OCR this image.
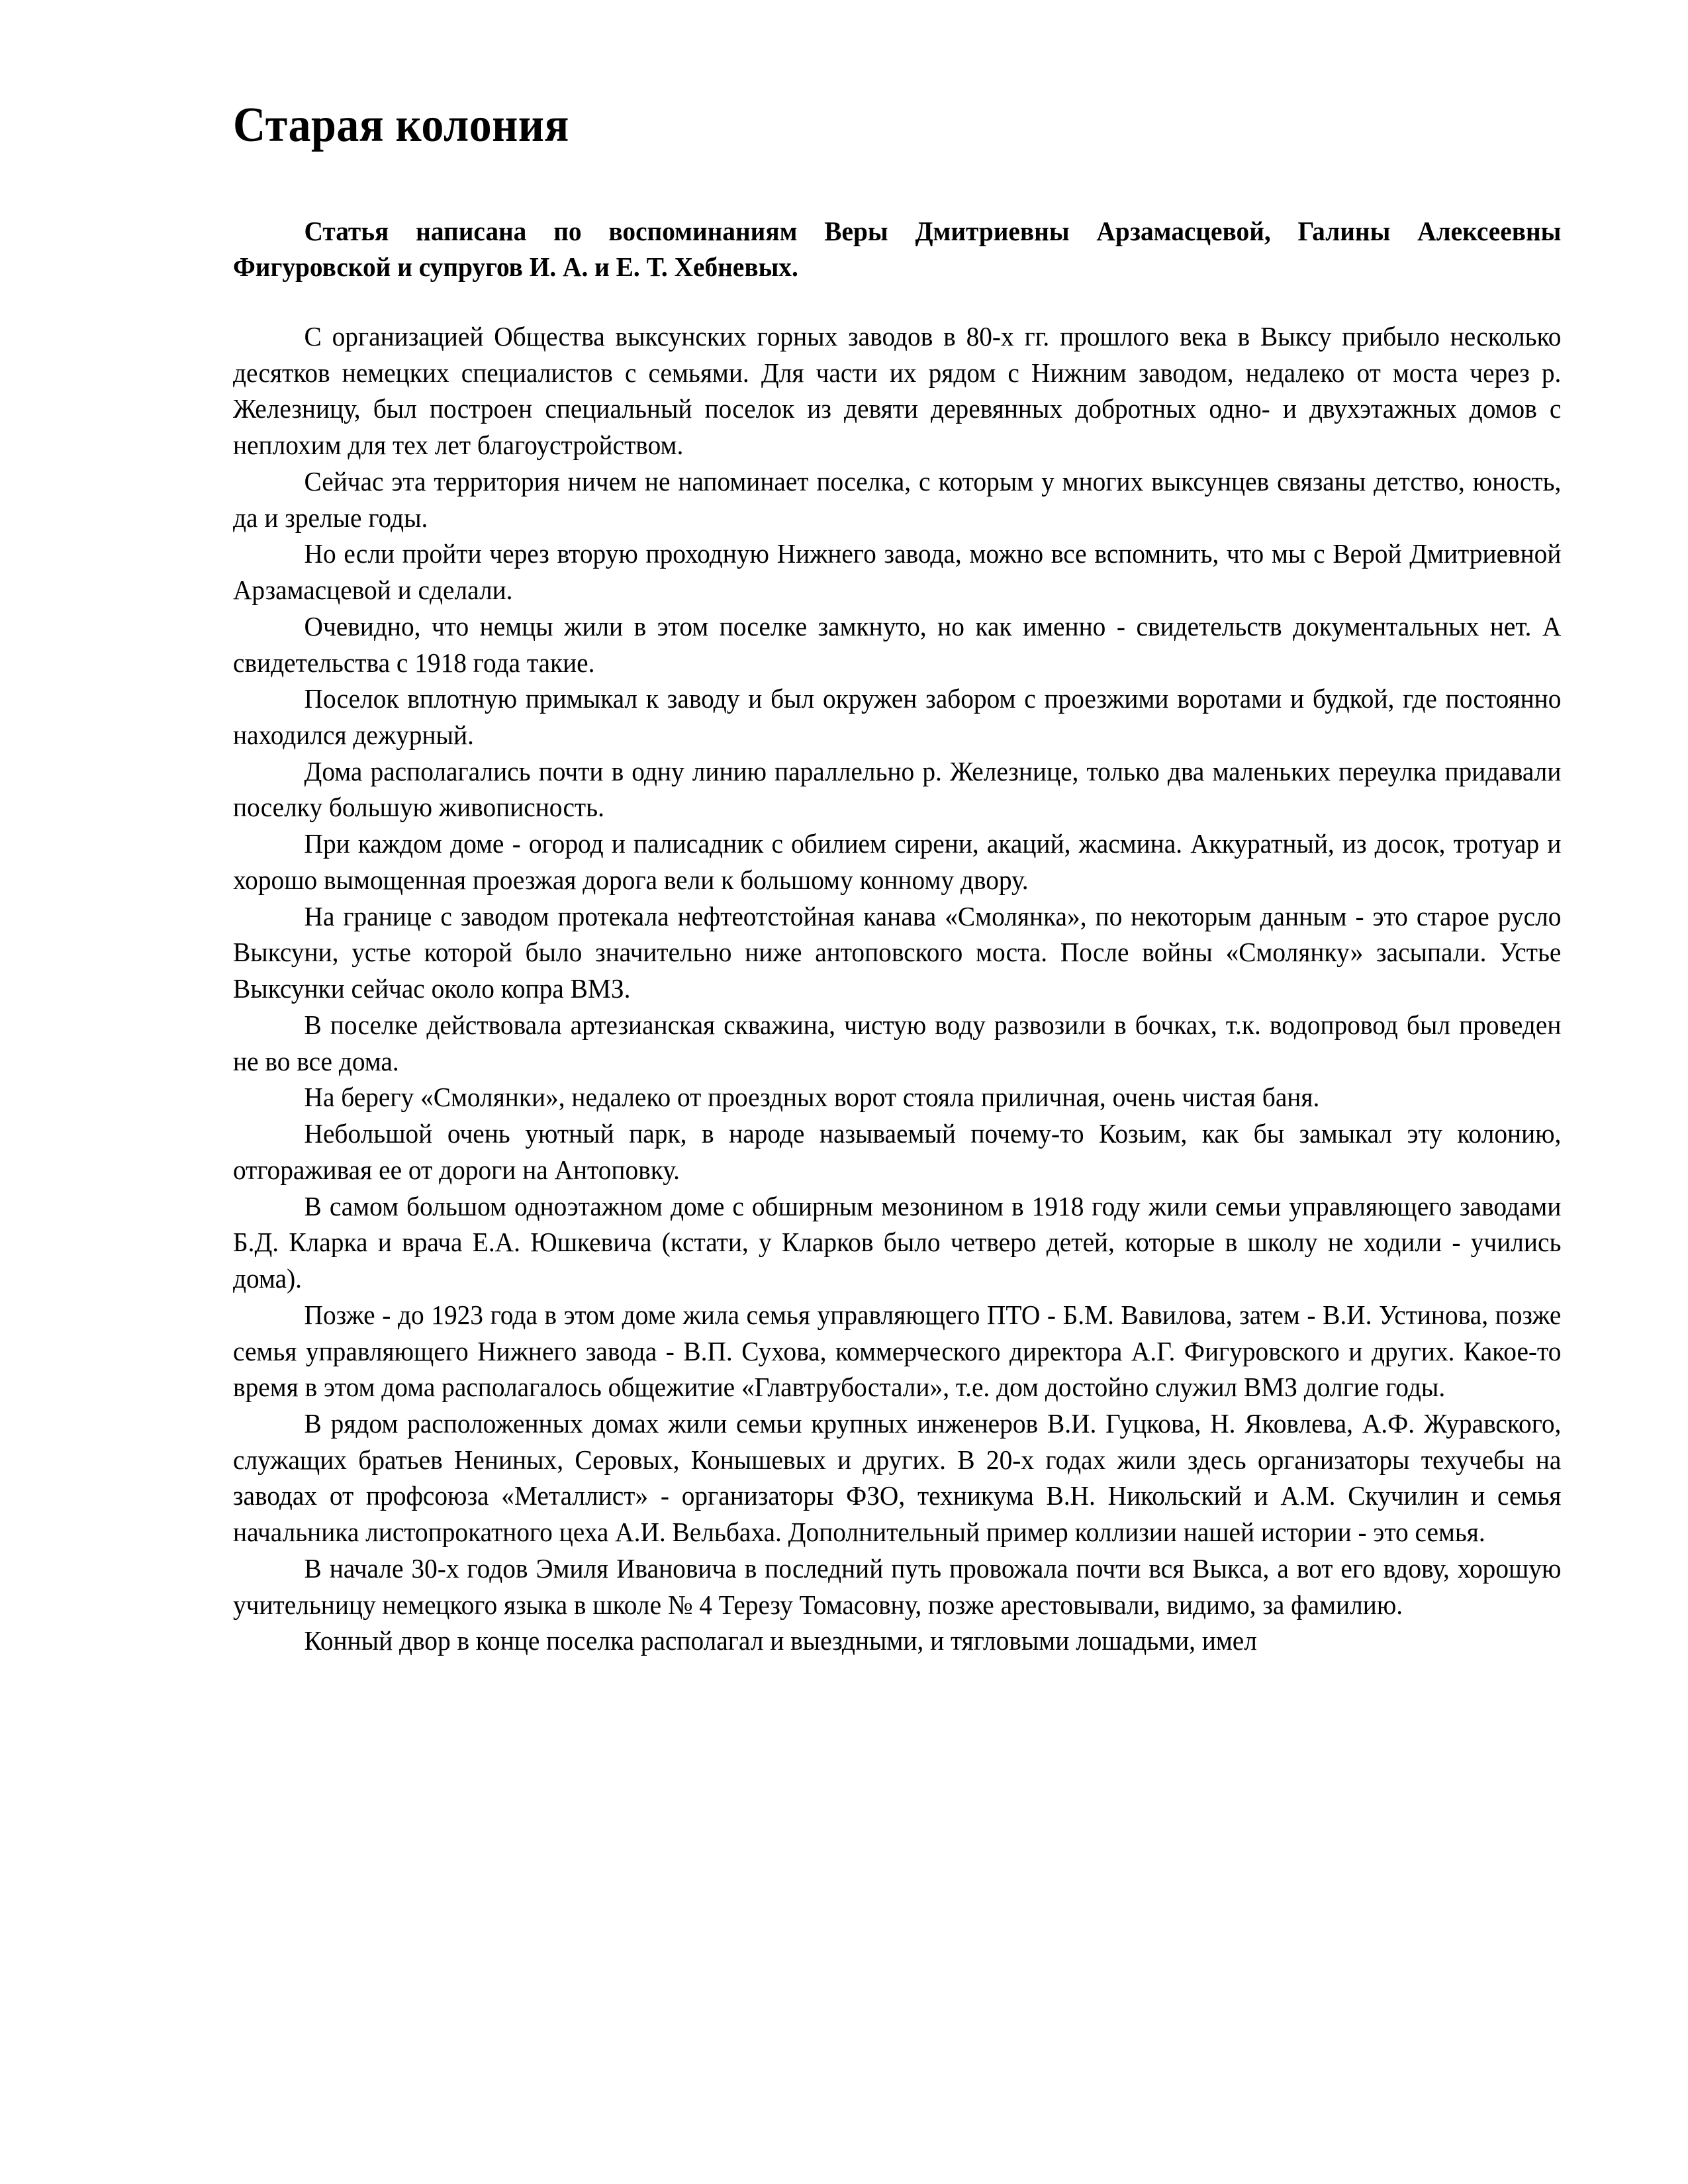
Старая колония

Статья написана по воспоминаниям Веры Дмитриевны Арзамасцевой, Галины Алексеевны Фигуровской и супругов И. А. и Е. Т. Хебневых.

С организацией Общества выксунских горных заводов в 80-х гг. прошлого века в Выксу прибыло несколько десятков немецких специалистов с семьями. Для части их рядом с Нижним заводом, недалеко от моста через р. Железницу, был построен специальный поселок из девяти деревянных добротных одно- и двухэтажных домов с неплохим для тех лет благоустройством.

Сейчас эта территория ничем не напоминает поселка, с которым у многих выксунцев связаны детство, юность, да и зрелые годы.

Но если пройти через вторую проходную Нижнего завода, можно все вспомнить, что мы с Верой Дмитриевной Арзамасцевой и сделали.

Очевидно, что немцы жили в этом поселке замкнуто, но как именно - свидетельств документальных нет. А свидетельства с 1918 года такие.

Поселок вплотную примыкал к заводу и был окружен забором с проезжими воротами и будкой, где постоянно находился дежурный.

Дома располагались почти в одну линию параллельно р. Железнице, только два маленьких переулка придавали поселку большую живописность.

При каждом доме - огород и палисадник с обилием сирени, акаций, жасмина. Аккуратный, из досок, тротуар и хорошо вымощенная проезжая дорога вели к большому конному двору.

На границе с заводом протекала нефтеотстойная канава «Смолянка», по некоторым данным - это старое русло Выксуни, устье которой было значительно ниже антоповского моста. После войны «Смолянку» засыпали. Устье Выксунки сейчас около копра ВМЗ.

В поселке действовала артезианская скважина, чистую воду развозили в бочках, т.к. водопровод был проведен не во все дома.

На берегу «Смолянки», недалеко от проездных ворот стояла приличная, очень чистая баня.

Небольшой очень уютный парк, в народе называемый почему-то Козьим, как бы замыкал эту колонию, отгораживая ее от дороги на Антоповку.

В самом большом одноэтажном доме с обширным мезонином в 1918 году жили семьи управляющего заводами Б.Д. Кларка и врача Е.А. Юшкевича (кстати, у Кларков было четверо детей, которые в школу не ходили - учились дома).

Позже - до 1923 года в этом доме жила семья управляющего ПТО - Б.М. Вавилова, затем - В.И. Устинова, позже семья управляющего Нижнего завода - В.П. Сухова, коммерческого директора А.Г. Фигуровского и других. Какое-то время в этом дома располагалось общежитие «Главтрубостали», т.е. дом достойно служил ВМЗ долгие годы.

В рядом расположенных домах жили семьи крупных инженеров В.И. Гуцкова, Н. Яковлева, А.Ф. Журавского, служащих братьев Нениных, Серовых, Конышевых и других. В 20-х годах жили здесь организаторы техучебы на заводах от профсоюза «Металлист» - организаторы ФЗО, техникума В.Н. Никольский и А.М. Скучилин и семья начальника листопрокатного цеха А.И. Вельбаха. Дополнительный пример коллизии нашей истории - это семья.

В начале 30-х годов Эмиля Ивановича в последний путь провожала почти вся Выкса, а вот его вдову, хорошую учительницу немецкого языка в школе № 4 Терезу Томасовну, позже арестовывали, видимо, за фамилию.

Конный двор в конце поселка располагал и выездными, и тягловыми лошадьми, имел
